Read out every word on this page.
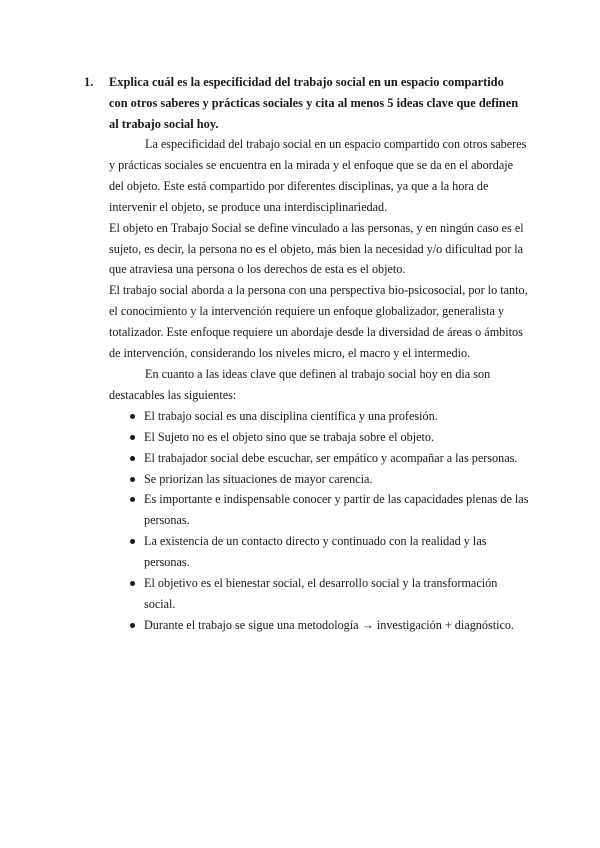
1.	Explica cuál es la especificidad del trabajo social en un espacio compartido con otros saberes y prácticas sociales y cita al menos 5 ideas clave que definen al trabajo social hoy.

La especificidad del trabajo social en un espacio compartido con otros saberes y prácticas sociales se encuentra en la mirada y el enfoque que se da en el abordaje del objeto. Este está compartido por diferentes disciplinas, ya que a la hora de intervenir el objeto, se produce una interdisciplinariedad.

El objeto en Trabajo Social se define vinculado a las personas, y en ningún caso es el sujeto, es decir, la persona no es el objeto, más bien la necesidad y/o dificultad por la que atraviesa una persona o los derechos de esta es el objeto.

El trabajo social aborda a la persona con una perspectiva bio-psicosocial, por lo tanto, el conocimiento y la intervención requiere un enfoque globalizador, generalista y totalizador. Este enfoque requiere un abordaje desde la diversidad de áreas o ámbitos de intervención, considerando los niveles micro, el macro y el intermedio.

En cuanto a las ideas clave que definen al trabajo social hoy en dia son destacables las siguientes:

El trabajo social es una disciplina científica y una profesión.
El Sujeto no es el objeto sino que se trabaja sobre el objeto.
El trabajador social debe escuchar, ser empático y acompañar a las personas.
Se priorizan las situaciones de mayor carencia.
Es importante e indispensable conocer y partir de las capacidades plenas de las personas.
La existencia de un contacto directo y continuado con la realidad y las personas.
El objetivo es el bienestar social, el desarrollo social y la transformación social.
Durante el trabajo se sigue una metodología → investigación + diagnóstico.
